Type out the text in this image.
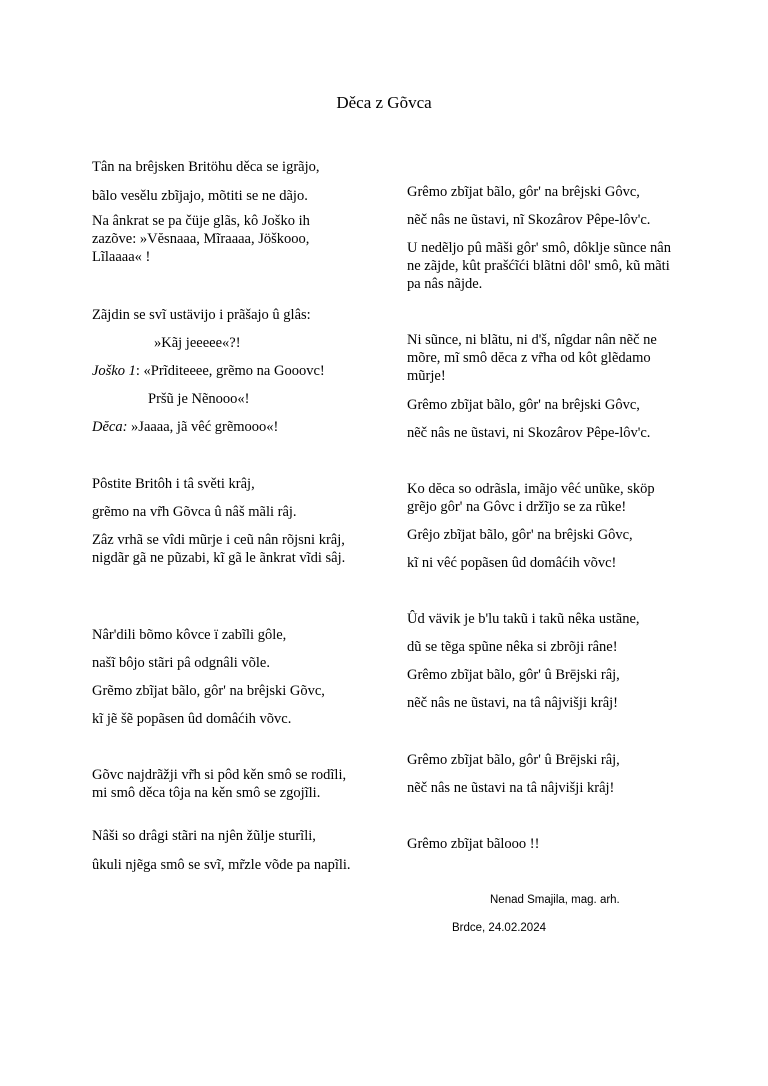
Děca z Gõvca

Tân na brêjsken Britöhu děca se igrãjo,

bãlo vesělu zbĩjajo, mõtiti se ne dãjo.

Na ânkrat se pa čüje glãs, kô Joško ih zazõve: »Vĕsnaaa, Mĩraaaa, Jöškooo, Lĩlaaaa« !

Zãjdin se svĩ ustävijo i prãšajo û glâs:

»Kãj jeeeee«?!

Joško 1: «Prĩditeeee, grẽmo na Gooovc!

Pršũ je Nẽnooo«!

Dĕca: »Jaaaa, jã vêć grẽmooo«!

Pôstite Britôh i tâ světi krâj,

grẽmo na vr̃h Gõvca û nâš mãli râj.

Zâz vrhã se vîdi mũrje i ceũ nân rõjsni krâj, nigdãr gã ne pũzabi, kĩ gã le ãnkrat vĩdi sâj.

Nâr'dili bõmo kôvce ï zabĩli gôle,

našĩ bôjo stãri pâ odgnâli võle.

Grẽmo zbĩjat bãlo, gôr' na brêjski Gõvc,

kĩ jẽ šẽ popãsen ûd domâćih võvc.

Gõvc najdrãžji vr̃h si pôd kěn smô se rodĩli, mi smô děca tôja na kěn smô se zgojĩli.

Nâši so drâgi stãri na njên žũlje sturĩli,

ûkuli njẽga smô se svĩ, mr̃zle võde pa napĩli.

Grêmo zbĩjat bãlo, gôr' na brêjski Gôvc,

nẽč nâs ne ũstavi, nĩ Skozârov Pêpe-lôv'c.

U nedẽljo pû mãši gôr' smô, dôklje sũnce nân ne zãjde, kût prašćĩći blãtni dôl' smô, kũ mãti pa nâs nãjde.

Ni sũnce, ni blãtu, ni d'š, nîgdar nân nẽč ne mõre, mĩ smô dĕca z vr̃ha od kôt glẽdamo mũrje!

Grêmo zbĩjat bãlo, gôr' na brêjski Gôvc,

nẽč nâs ne ũstavi, ni Skozârov Pêpe-lôv'c.

Ko dĕca so odrãsla, imãjo vêć unũke, sköp grẽjo gôr' na Gôvc i držĩjo se za rũke!

Grêjo zbĩjat bãlo, gôr' na brêjski Gôvc,

kĩ ni vêć popãsen ûd domâćih võvc!

Ûd vävik je b'lu takũ i takũ nêka ustãne,

dũ se tẽga spũne nêka si zbrõji râne!

Grêmo zbĩjat bãlo, gôr' û Brējski râj,

nẽč nâs ne ũstavi, na tâ nâjvišji krâj!

Grêmo zbĩjat bãlo, gôr' û Brējski râj,

nẽč nâs ne ũstavi na tâ nâjvišji krâj!

Grêmo zbĩjat bãlooo !!

Nenad Smajila, mag. arh.
Brdce, 24.02.2024
